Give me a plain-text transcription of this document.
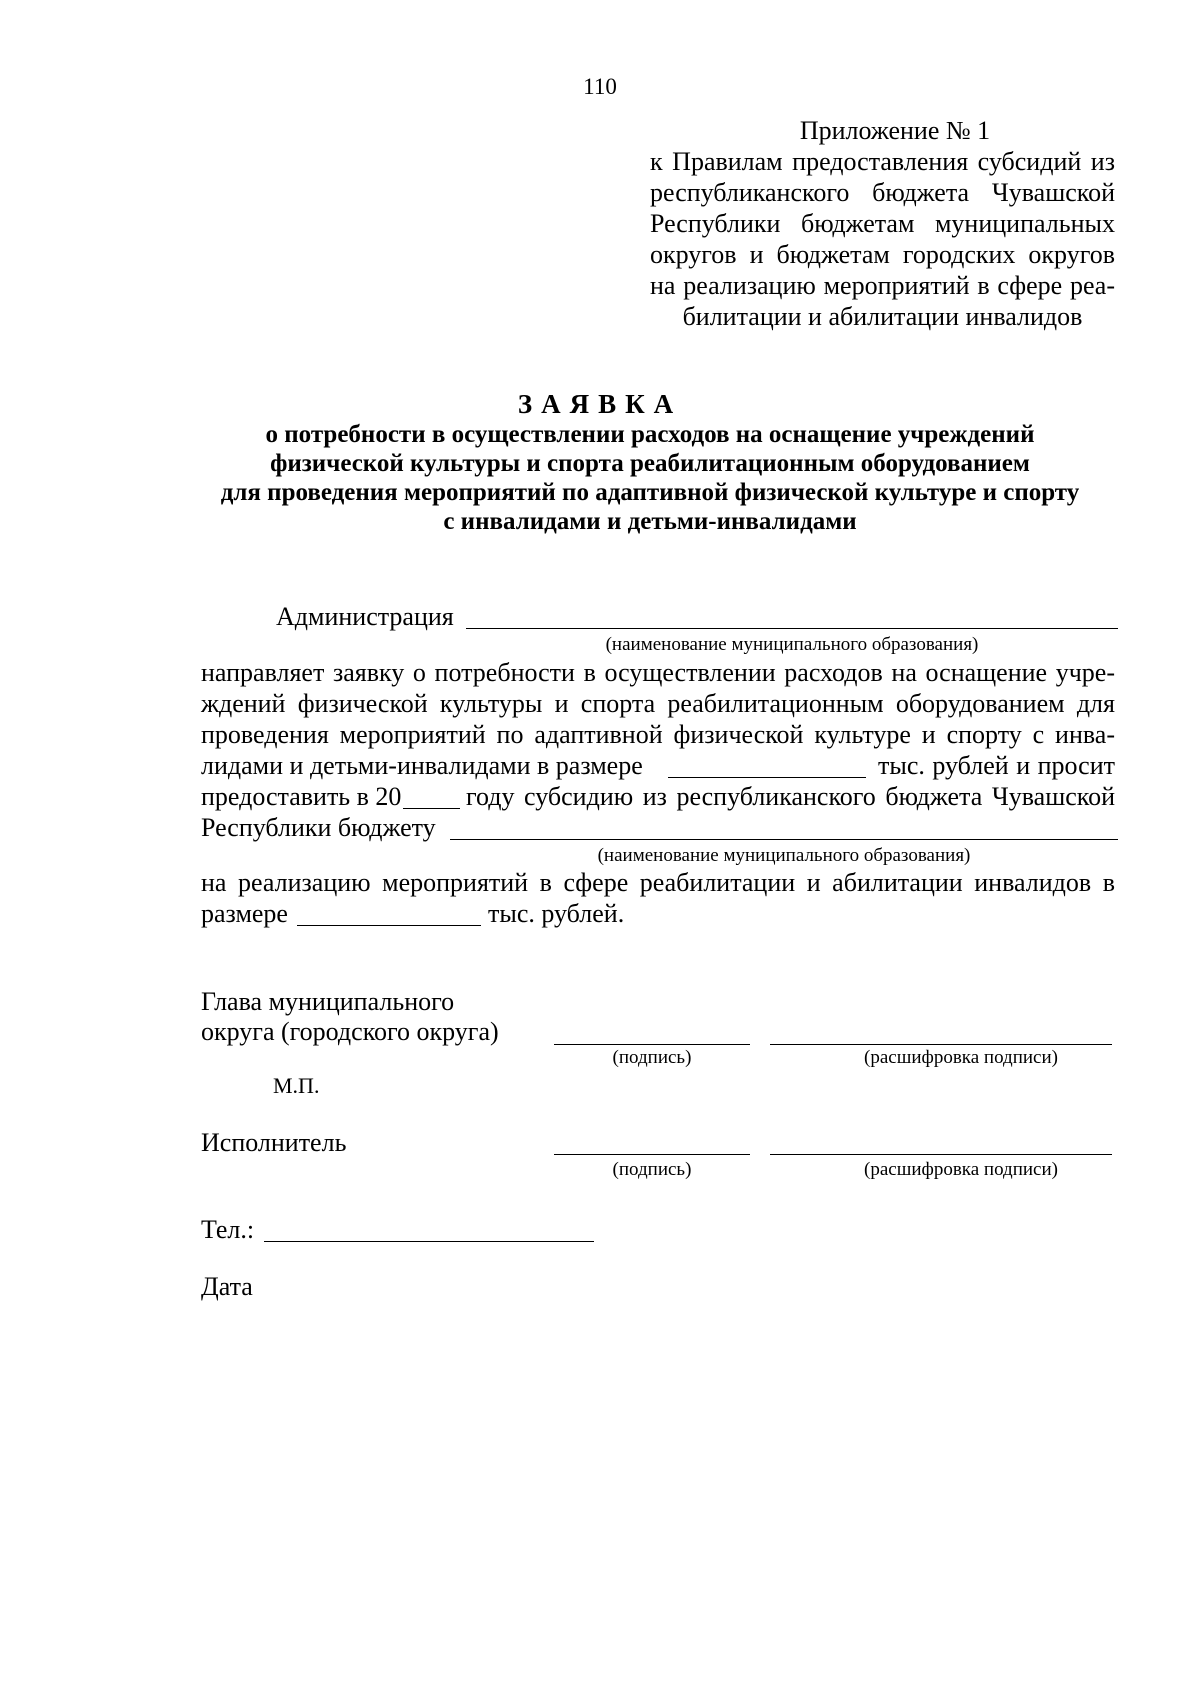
110
Приложение № 1
к Правилам предоставления субсидий из
республиканского бюджета Чувашской
Республики бюджетам муниципальных
округов и бюджетам городских округов
на реализацию мероприятий в сфере реа-
билитации и абилитации инвалидов
ЗАЯВКА
о потребности в осуществлении расходов на оснащение учреждений
физической культуры и спорта реабилитационным оборудованием
для проведения мероприятий по адаптивной физической культуре и спорту
с инвалидами и детьми-инвалидами
Администрация
(наименование муниципального образования)
направляет заявку о потребности в осуществлении расходов на оснащение учре-
ждений физической культуры и спорта реабилитационным оборудованием для
проведения мероприятий по адаптивной физической культуре и спорту с инва-
лидами и детьми-инвалидами в размере	тыс. рублей и просит
предоставить в 20 году субсидию из республиканского бюджета Чувашской
Республики бюджету
(наименование муниципального образования)
на реализацию мероприятий в сфере реабилитации и абилитации инвалидов в
размере	тыс. рублей.
Глава муниципального
округа (городского округа)
(подпись)	(расшифровка подписи)
М.П.
Исполнитель
(подпись)	(расшифровка подписи)
Тел.:
Дата
